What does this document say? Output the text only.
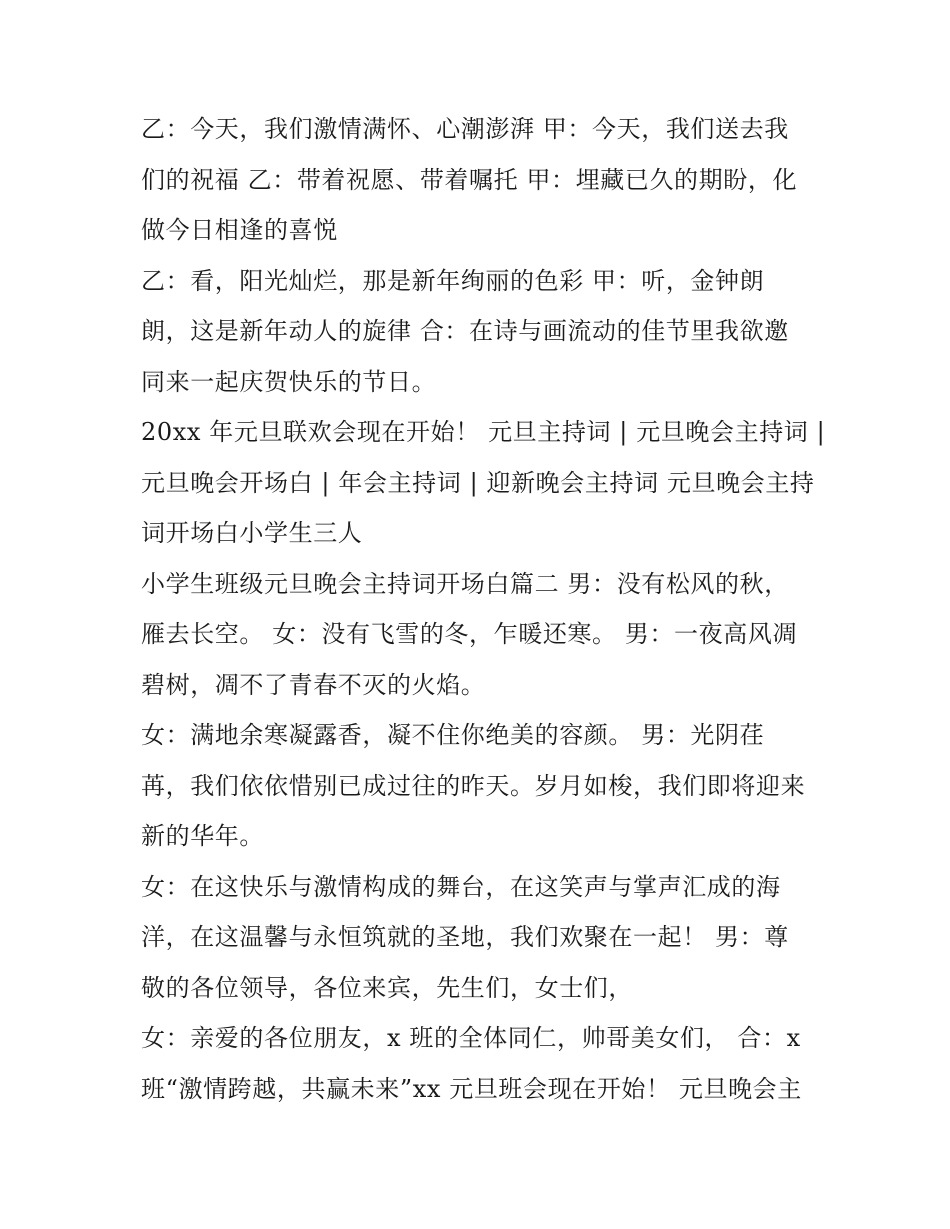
乙：今天，我们激情满怀、心潮澎湃 甲：今天，我们送去我
们的祝福 乙：带着祝愿、带着嘱托 甲：埋藏已久的期盼，化
做今日相逢的喜悦
乙：看，阳光灿烂，那是新年绚丽的色彩 甲：听，金钟朗
朗，这是新年动人的旋律 合：在诗与画流动的佳节里我欲邀
同来一起庆贺快乐的节日。
20xx 年元旦联欢会现在开始！ 元旦主持词 | 元旦晚会主持词 |
元旦晚会开场白 | 年会主持词 | 迎新晚会主持词 元旦晚会主持
词开场白小学生三人
小学生班级元旦晚会主持词开场白篇二 男：没有松风的秋，
雁去长空。 女：没有飞雪的冬，乍暖还寒。 男：一夜高风凋
碧树，凋不了青春不灭的火焰。
女：满地余寒凝露香，凝不住你绝美的容颜。 男：光阴荏
苒，我们依依惜别已成过往的昨天。岁月如梭，我们即将迎来
新的华年。
女：在这快乐与激情构成的舞台，在这笑声与掌声汇成的海
洋，在这温馨与永恒筑就的圣地，我们欢聚在一起！ 男：尊
敬的各位领导，各位来宾，先生们，女士们，
女：亲爱的各位朋友，x 班的全体同仁，帅哥美女们， 合：x
班“激情跨越，共赢未来”xx 元旦班会现在开始！ 元旦晚会主
